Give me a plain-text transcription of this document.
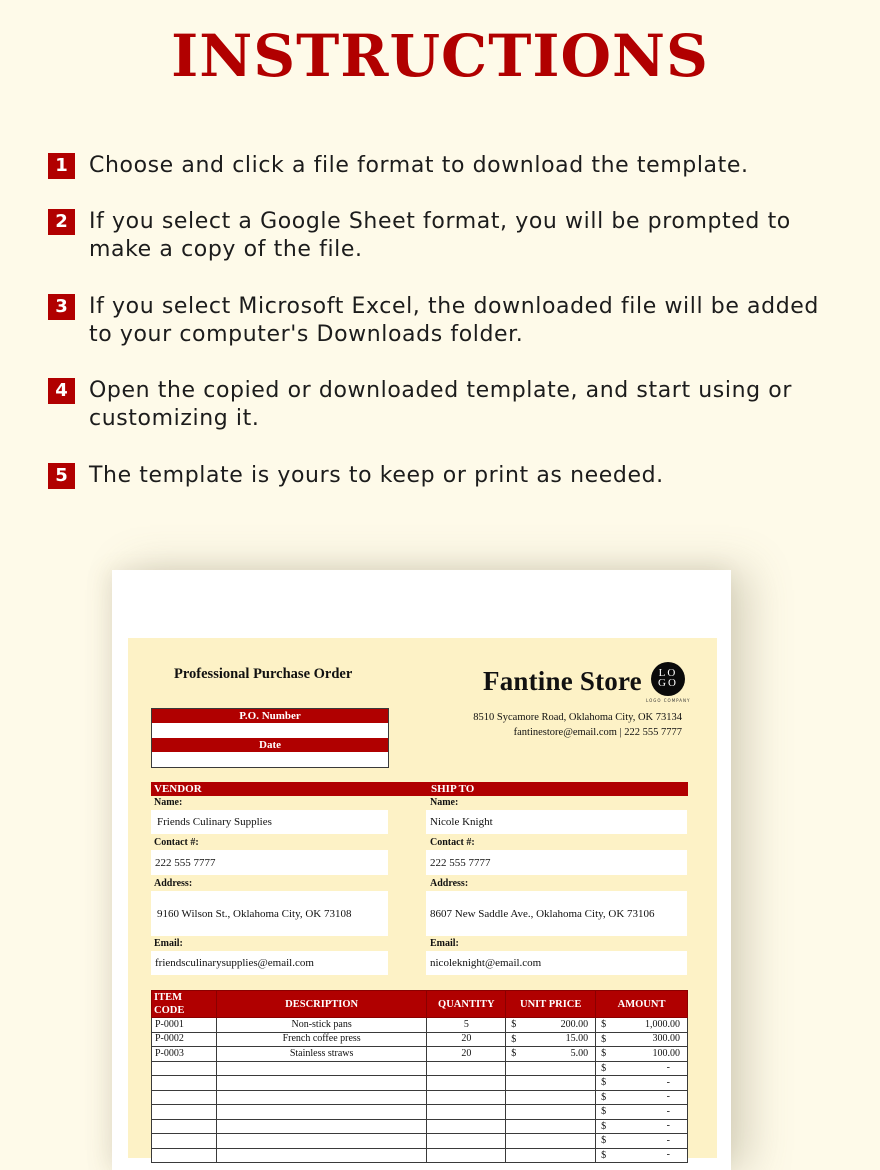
INSTRUCTIONS
1 Choose and click a file format to download the template.
2 If you select a Google Sheet format, you will be prompted to make a copy of the file.
3 If you select Microsoft Excel, the downloaded file will be added to your computer's Downloads folder.
4 Open the copied or downloaded template, and start using or customizing it.
5 The template is yours to keep or print as needed.
Professional Purchase Order	Fantine Store	LO
GO
LOGO COMPANY
8510 Sycamore Road, Oklahoma City, OK 73134
fantinestore@email.com | 222 555 7777
P.O. Number
Date
VENDOR
Name:
Friends Culinary Supplies
Contact #:
222 555 7777
Address:
9160 Wilson St., Oklahoma City, OK 73108
Email:
friendsculinarysupplies@email.com
SHIP TO
Name:
Nicole Knight
Contact #:
222 555 7777
Address:
8607 New Saddle Ave., Oklahoma City, OK 73106
Email:
nicoleknight@email.com
ITEM CODE	DESCRIPTION	QUANTITY	UNIT PRICE	AMOUNT
P-0001	Non-stick pans	5	$ 200.00	$ 1,000.00

P-0002	French coffee press	20	$ 15.00	$ 300.00

P-0003	Stainless straws	20	$ 5.00	$ 100.00

				$ -

				$ -

				$ -

				$ -

				$ -

				$ -

				$ -
